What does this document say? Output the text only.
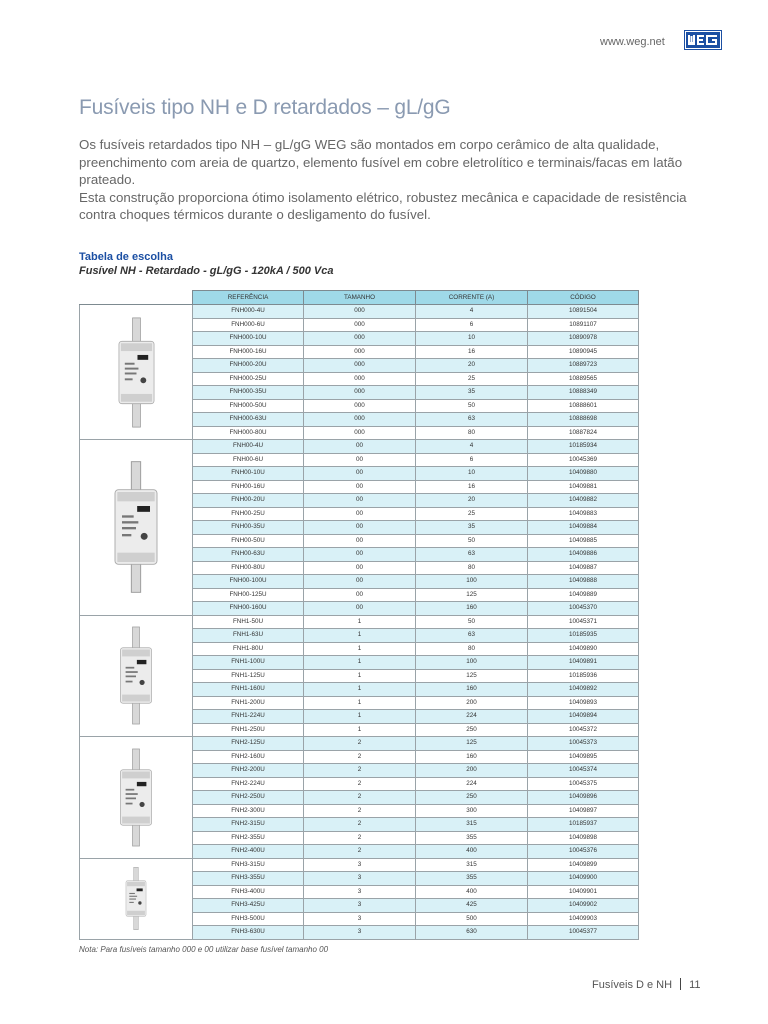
www.weg.net
Fusíveis tipo NH e D retardados – gL/gG

Os fusíveis retardados tipo NH – gL/gG WEG são montados em corpo cerâmico de alta qualidade, preenchimento com areia de quartzo, elemento fusível em cobre eletrolítico e terminais/facas em latão prateado.

Esta construção proporciona ótimo isolamento elétrico, robustez mecânica e capacidade de resistência contra choques térmicos durante o desligamento do fusível.

Tabela de escolha
Fusível NH - Retardado - gL/gG - 120kA / 500 Vca
	REFERÊNCIA	TAMANHO	CORRENTE (A)	CÓDIGO

	FNH000-4U	000	4	10891504
	FNH000-6U	000	6	10891107
	FNH000-10U	000	10	10890978
	FNH000-16U	000	16	10890945
	FNH000-20U	000	20	10889723
	FNH000-25U	000	25	10889565
	FNH000-35U	000	35	10888349
	FNH000-50U	000	50	10888601
	FNH000-63U	000	63	10888698
	FNH000-80U	000	80	10887824

	FNH00-4U	00	4	10185934
	FNH00-6U	00	6	10045369
	FNH00-10U	00	10	10409880
	FNH00-16U	00	16	10409881
	FNH00-20U	00	20	10409882
	FNH00-25U	00	25	10409883
	FNH00-35U	00	35	10409884
	FNH00-50U	00	50	10409885
	FNH00-63U	00	63	10409886
	FNH00-80U	00	80	10409887
	FNH00-100U	00	100	10409888
	FNH00-125U	00	125	10409889
	FNH00-160U	00	160	10045370

	FNH1-50U	1	50	10045371
	FNH1-63U	1	63	10185935
	FNH1-80U	1	80	10409890
	FNH1-100U	1	100	10409891
	FNH1-125U	1	125	10185936
	FNH1-160U	1	160	10409892
	FNH1-200U	1	200	10409893
	FNH1-224U	1	224	10409894
	FNH1-250U	1	250	10045372

	FNH2-125U	2	125	10045373
	FNH2-160U	2	160	10409895
	FNH2-200U	2	200	10045374
	FNH2-224U	2	224	10045375
	FNH2-250U	2	250	10409896
	FNH2-300U	2	300	10409897
	FNH2-315U	2	315	10185937
	FNH2-355U	2	355	10409898
	FNH2-400U	2	400	10045376

	FNH3-315U	3	315	10409899
	FNH3-355U	3	355	10409900
	FNH3-400U	3	400	10409901
	FNH3-425U	3	425	10409902
	FNH3-500U	3	500	10409903
	FNH3-630U	3	630	10045377
Nota: Para fusíveis tamanho 000 e 00 utilizar base fusível tamanho 00
Fusíveis D e NH 11
